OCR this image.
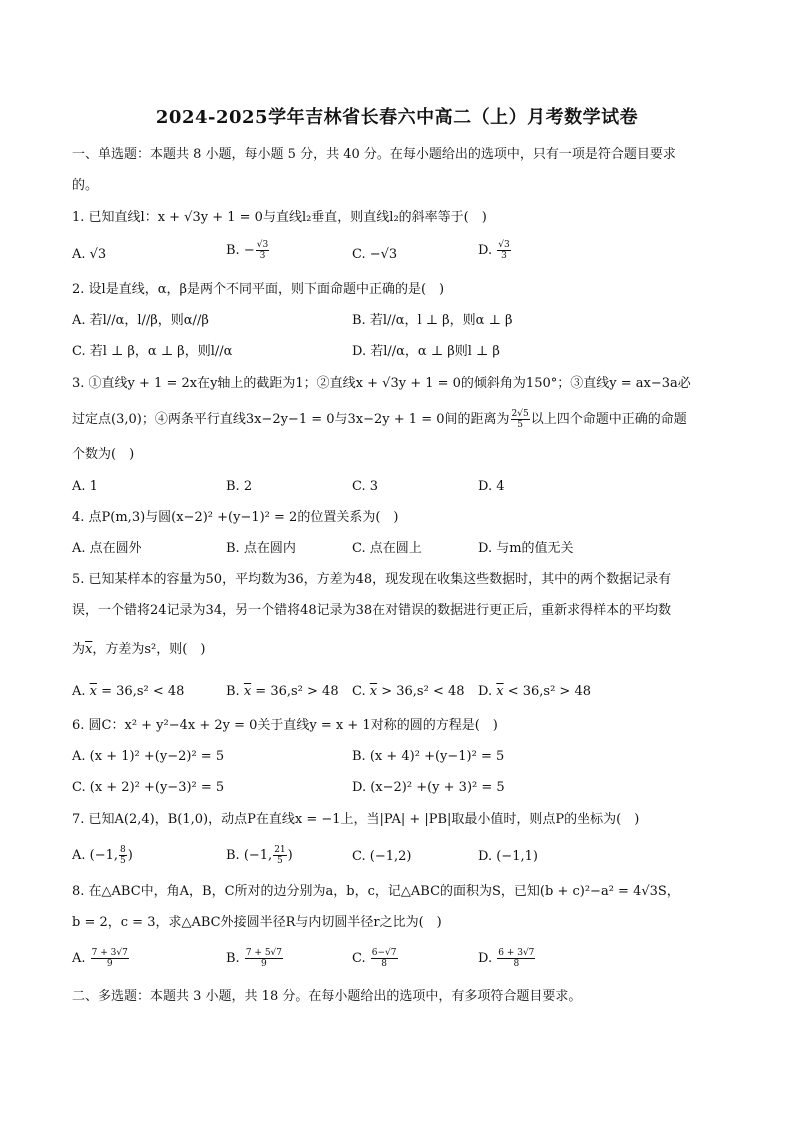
2024-2025学年吉林省长春六中高二（上）月考数学试卷
一、单选题：本题共 8 小题，每小题 5 分，共 40 分。在每小题给出的选项中，只有一项是符合题目要求
的。
1. 已知直线l：x + √3y + 1 = 0与直线l₂垂直，则直线l₂的斜率等于(　)
A. √3	B. − $\frac{√3}{3}$	C. −√3	D. $\frac{√3}{3}$
2. 设l是直线，α，β是两个不同平面，则下面命题中正确的是(　)
A. 若l//α，l//β，则α//β	B. 若l//α，l ⊥ β，则α ⊥ β
C. 若l ⊥ β，α ⊥ β，则l//α	D. 若l//α，α ⊥ β则l ⊥ β
3. ①直线y + 1 = 2x在y轴上的截距为1；②直线x + √3y + 1 = 0的倾斜角为150°；③直线y = ax−3a必
过定点(3,0)；④两条平行直线3x−2y−1 = 0与3x−2y + 1 = 0间的距离为 $\frac{2√5}{5}$ 以上四个命题中正确的命题
个数为(　)
A. 1	B. 2	C. 3	D. 4
4. 点P(m,3)与圆(x−2)² +(y−1)² = 2的位置关系为(　)
A. 点在圆外	B. 点在圆内	C. 点在圆上	D. 与m的值无关
5. 已知某样本的容量为50，平均数为36，方差为48，现发现在收集这些数据时，其中的两个数据记录有
误，一个错将24记录为34，另一个错将48记录为38在对错误的数据进行更正后，重新求得样本的平均数
为$\overline{x}$，方差为s²，则(　)
A. $\overline{x} = 36,s^2 < 48$	B. $\overline{x} = 36,s^2 > 48$ C. $\overline{x} > 36,s^2 < 48$ D. $\overline{x} < 36,s^2 > 48$
6. 圆C：x² + y²−4x + 2y = 0关于直线y = x + 1对称的圆的方程是(　)
A. (x + 1)² +(y−2)² = 5	B. (x + 4)² +(y−1)² = 5
C. (x + 2)² +(y−3)² = 5	D. (x−2)² +(y + 3)² = 5
7. 已知A(2,4)，B(1,0)，动点P在直线x = −1上，当|PA| + |PB|取最小值时，则点P的坐标为(　)
A. (−1, $\frac{8}{5}$ )	B. (−1, $\frac{21}{5}$ )	C. (−1,2)	D. (−1,1)
8. 在△ABC中，角A，B，C所对的边分别为a，b，c，记△ABC的面积为S，已知(b + c)²−a² = 4√3S，
b = 2，c = 3，求△ABC外接圆半径R与内切圆半径r之比为(　)
A. $\frac{7 + 3√7}{9}$	B. $\frac{7 + 5√7}{9}$	C. $\frac{6-√7}{8}$	D. $\frac{6 + 3√7}{8}$
二、多选题：本题共 3 小题，共 18 分。在每小题给出的选项中，有多项符合题目要求。
